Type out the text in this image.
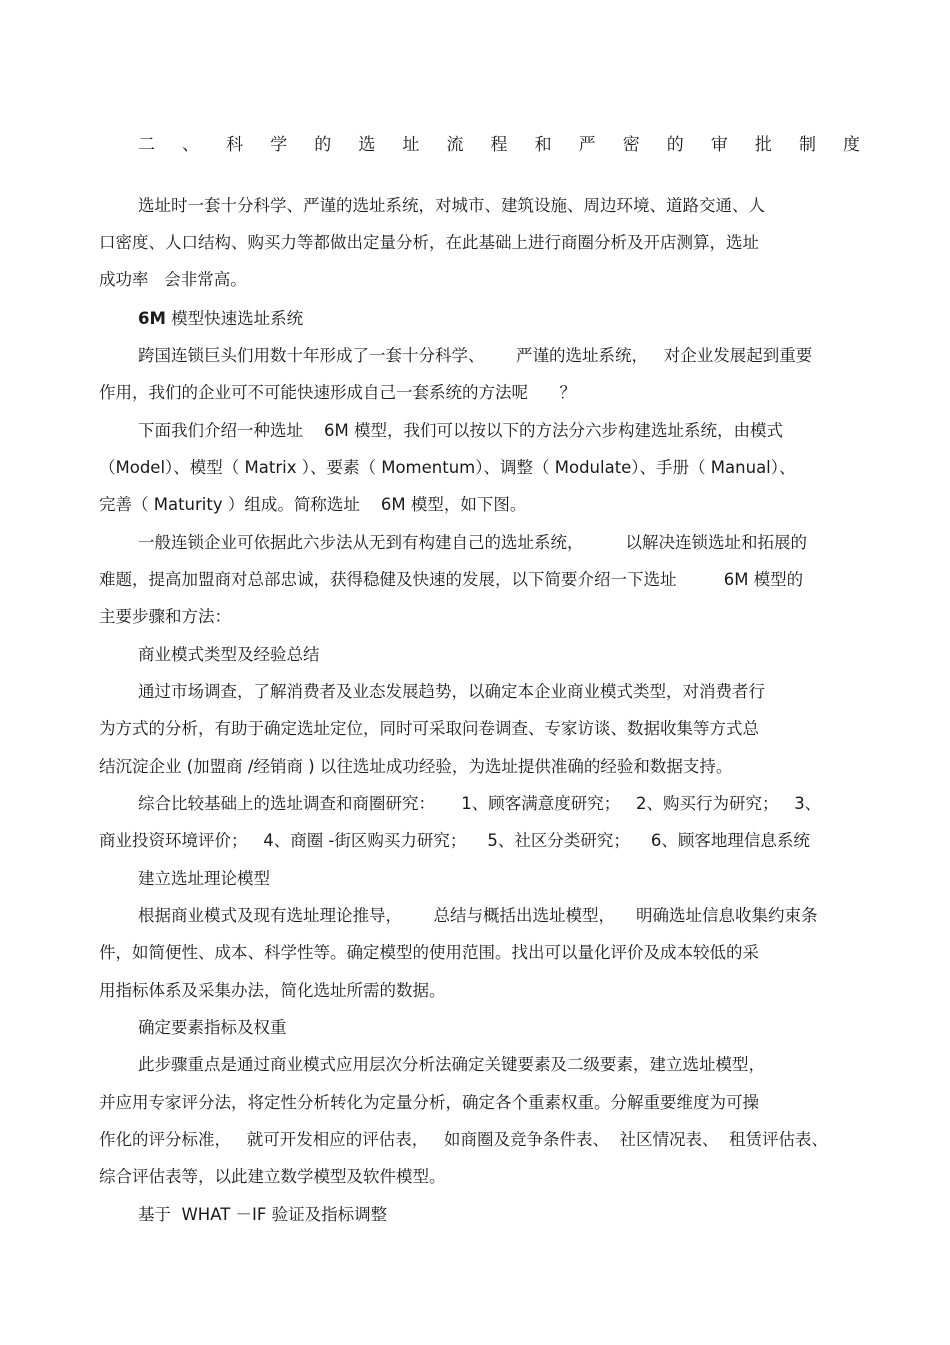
二 、 科 学 的 选 址 流 程 和 严 密 的 审 批 制 度
选址时一套十分科学、严谨的选址系统，对城市、建筑设施、周边环境、道路交通、人
口密度、人口结构、购买力等都做出定量分析，在此基础上进行商圈分析及开店测算，选址
成功率   会非常高。
6M 模型快速选址系统
跨国连锁巨头们用数十年形成了一套十分科学、      严谨的选址系统，   对企业发展起到重要
作用，我们的企业可不可能快速形成自己一套系统的方法呢      ？
下面我们介绍一种选址    6M 模型，我们可以按以下的方法分六步构建选址系统，由模式
（Model）、模型（ Matrix ）、要素（ Momentum）、调整（ Modulate）、手册（ Manual）、
完善（ Maturity ）组成。简称选址    6M 模型，如下图。
一般连锁企业可依据此六步法从无到有构建自己的选址系统，        以解决连锁选址和拓展的
难题，提高加盟商对总部忠诚，获得稳健及快速的发展，以下简要介绍一下选址         6M 模型的
主要步骤和方法：
商业模式类型及经验总结
通过市场调查，了解消费者及业态发展趋势，以确定本企业商业模式类型，对消费者行
为方式的分析，有助于确定选址定位，同时可采取问卷调查、专家访谈、数据收集等方式总
结沉淀企业 (加盟商 /经销商 ) 以往选址成功经验，为选址提供准确的经验和数据支持。
综合比较基础上的选址调查和商圈研究：     1、顾客满意度研究；   2、购买行为研究；   3、
商业投资环境评价；   4、商圈 -街区购买力研究；    5、社区分类研究；    6、顾客地理信息系统
建立选址理论模型
根据商业模式及现有选址理论推导，      总结与概括出选址模型，    明确选址信息收集约束条
件，如简便性、成本、科学性等。确定模型的使用范围。找出可以量化评价及成本较低的采
用指标体系及采集办法，简化选址所需的数据。
确定要素指标及权重
此步骤重点是通过商业模式应用层次分析法确定关键要素及二级要素，建立选址模型，
并应用专家评分法，将定性分析转化为定量分析，确定各个重素权重。分解重要维度为可操
作化的评分标准，   就可开发相应的评估表，   如商圈及竞争条件表、  社区情况表、  租赁评估表、
综合评估表等，以此建立数学模型及软件模型。
基于  WHAT －IF 验证及指标调整
